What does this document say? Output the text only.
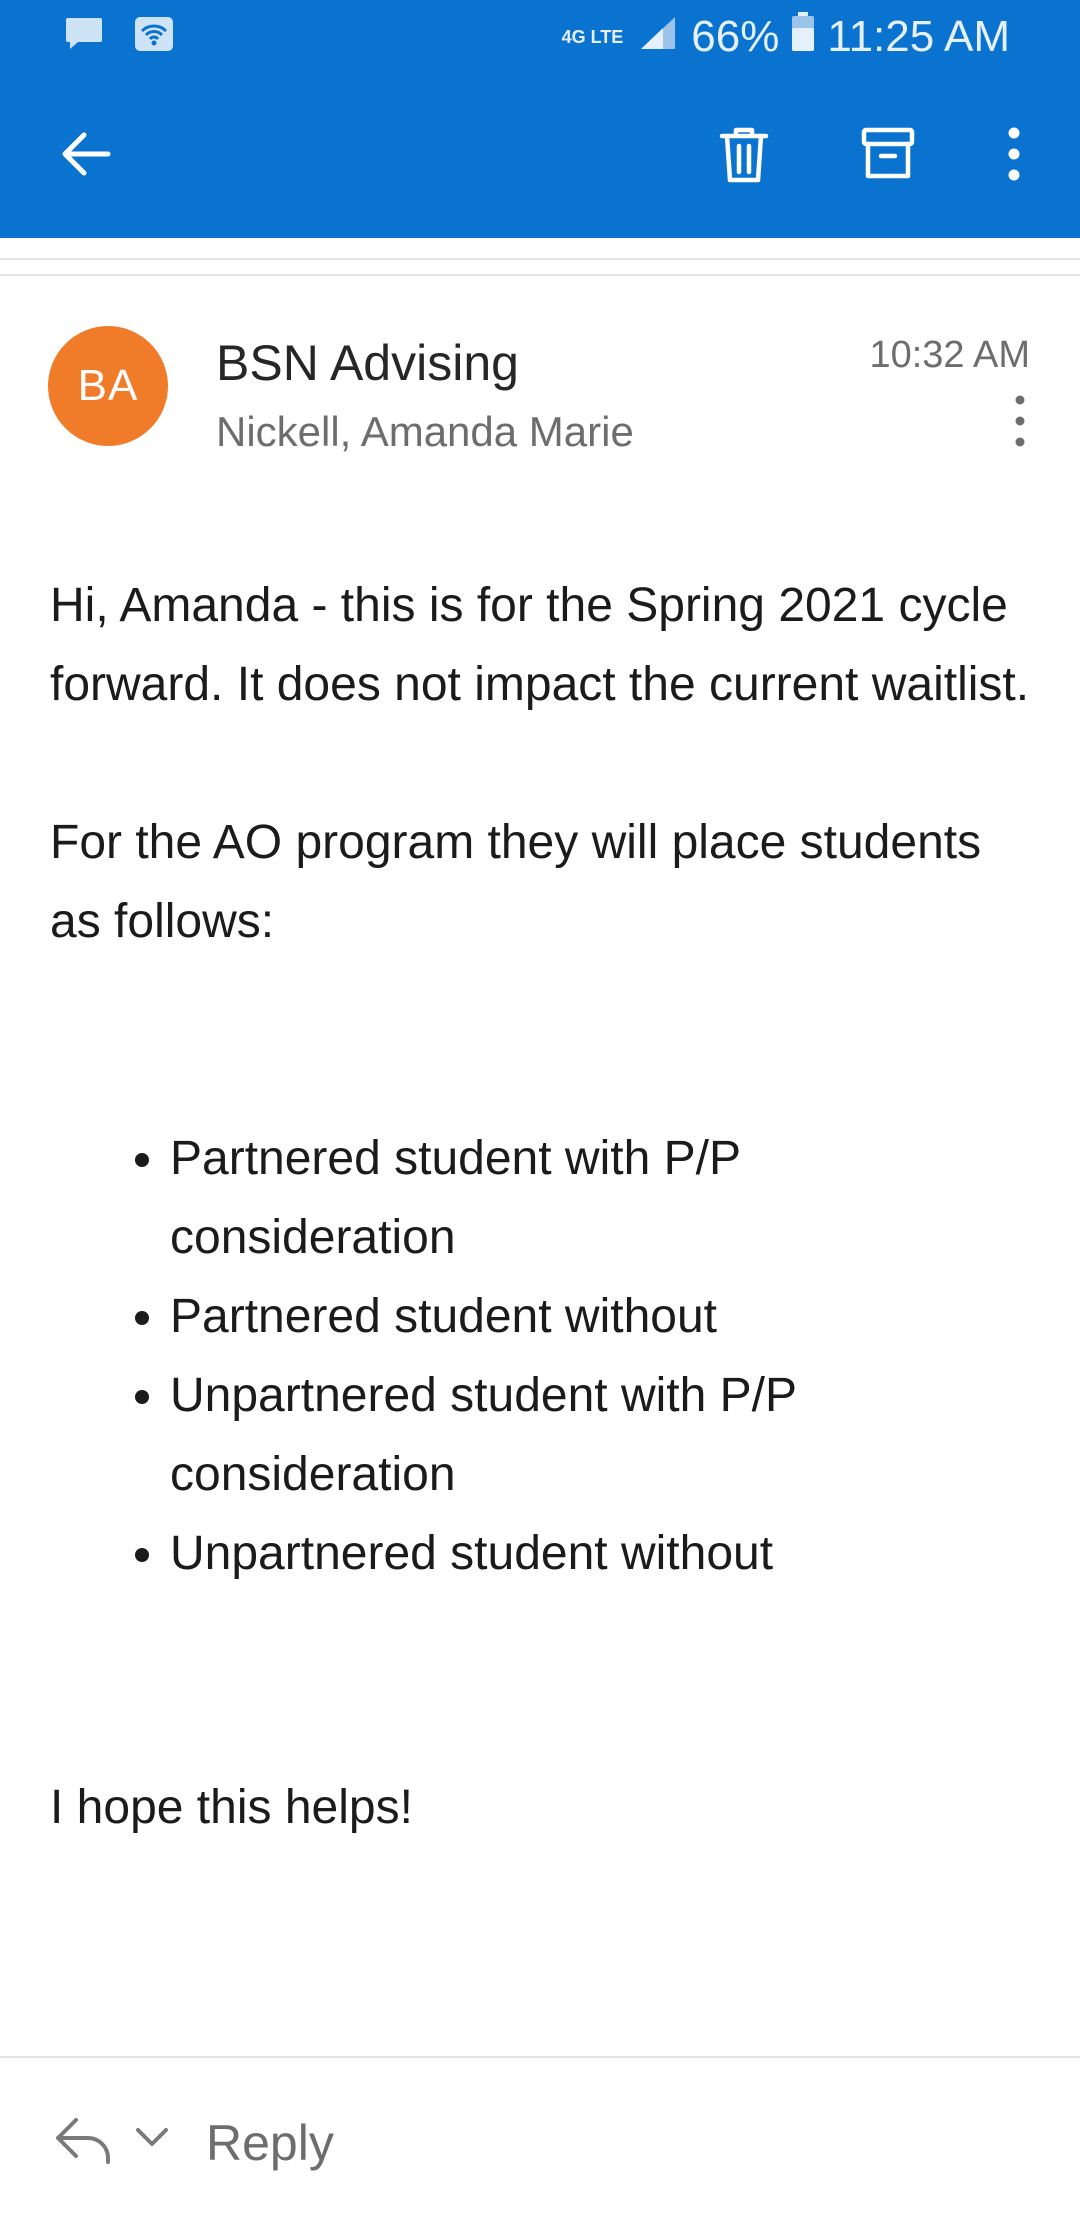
4G LTE 66% 11:25 AM
BA	BSN Advising
Nickell, Amanda Marie
10:32 AM

Hi, Amanda - this is for the Spring 2021 cycle forward. It does not impact the current waitlist.

For the AO program they will place students as follows:

• Partnered student with P/P consideration
• Partnered student without
• Unpartnered student with P/P consideration
• Unpartnered student without

I hope this helps!

Reply
